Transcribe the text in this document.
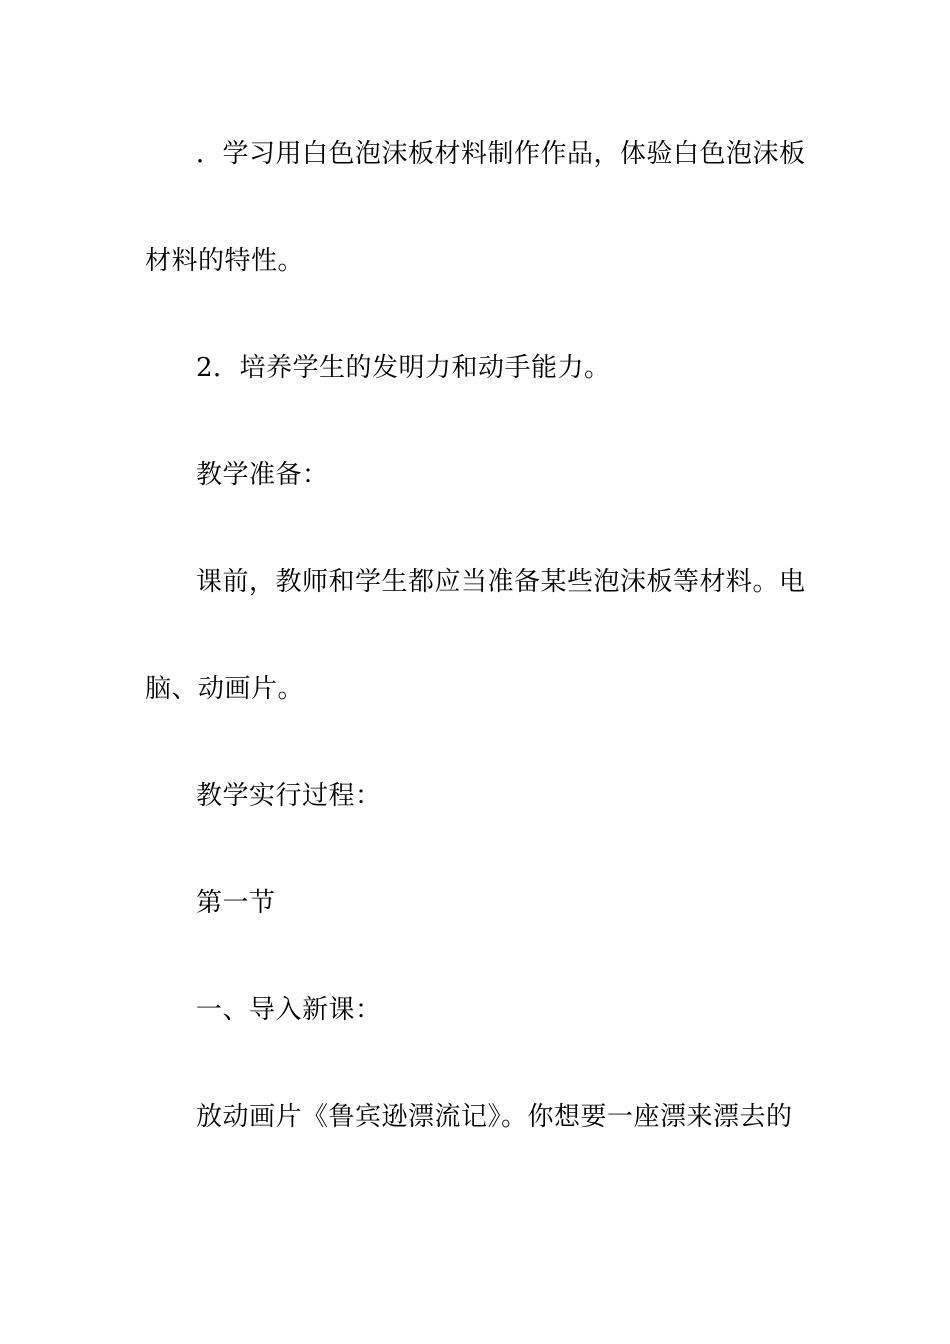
．学习用白色泡沫板材料制作作品，体验白色泡沫板
材料的特性。
2．培养学生的发明力和动手能力。
教学准备：
课前，教师和学生都应当准备某些泡沫板等材料。电
脑、动画片。
教学实行过程：
第一节
一、导入新课：
放动画片《鲁宾逊漂流记》。你想要一座漂来漂去的
